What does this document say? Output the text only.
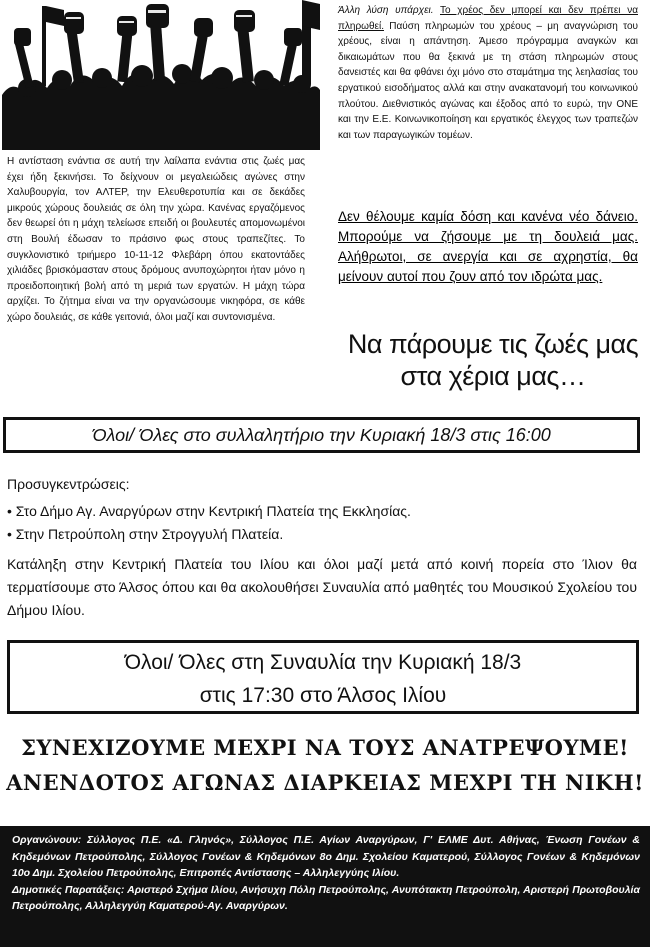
Η αντίσταση ενάντια σε αυτή την λαίλαπα ενάντια στις ζωές μας έχει ήδη ξεκινήσει. Το δείχνουν οι μεγαλειώδεις αγώνες στην Χαλυβουργία, τον ΑΛΤΕΡ, την Ελευθεροτυπία και σε δεκάδες μικρούς χώρους δουλειάς σε όλη την χώρα. Κανένας εργαζόμενος δεν θεωρεί ότι η μάχη τελείωσε επειδή οι βουλευτές απομονωμένοι στη Βουλή έδωσαν το πράσινο φως στους τραπεζίτες. Το συγκλονιστικό τριήμερο 10-11-12 Φλεβάρη όπου εκατοντάδες χιλιάδες βρισκόμασταν στους δρόμους ανυποχώρητοι ήταν μόνο η προειδοποιητική βολή από τη μεριά των εργατών. Η μάχη τώρα αρχίζει. Το ζήτημα είναι να την οργανώσουμε νικηφόρα, σε κάθε χώρο δουλειάς, σε κάθε γειτονιά, όλοι μαζί και συντονισμένα.

Άλλη λύση υπάρχει. Το χρέος δεν μπορεί και δεν πρέπει να πληρωθεί. Παύση πληρωμών του χρέους – μη αναγνώριση του χρέους, είναι η απάντηση. Άμεσο πρόγραμμα αναγκών και δικαιωμάτων που θα ξεκινά με τη στάση πληρωμών στους δανειστές και θα φθάνει όχι μόνο στο σταμάτημα της λεηλασίας του εργατικού εισοδήματος αλλά και στην ανακατανομή του κοινωνικού πλούτου. Διεθνιστικός αγώνας και έξοδος από το ευρώ, την ΟΝΕ και την Ε.Ε. Κοινωνικοποίηση και εργατικός έλεγχος των τραπεζών και των παραγωγικών τομέων.

Δεν θέλουμε καμία δόση και κανένα νέο δάνειο. Μπορούμε να ζήσουμε με τη δουλειά μας. Αλήθρωτοι, σε ανεργία και σε αχρηστία, θα μείνουν αυτοί που ζουν από τον ιδρώτα μας.

Να πάρουμε τις ζωές μας
στα χέρια μας…
Όλοι/ Όλες στο συλλαλητήριο την Κυριακή 18/3 στις 16:00

Προσυγκεντρώσεις:

• Στο Δήμο Αγ. Αναργύρων στην Κεντρική Πλατεία της Εκκλησίας.
• Στην Πετρούπολη στην Στρογγυλή Πλατεία.

Κατάληξη στην Κεντρική Πλατεία του Ιλίου και όλοι μαζί μετά από κοινή πορεία στο Ίλιον θα τερματίσουμε στο Άλσος όπου και θα ακολουθήσει Συναυλία από μαθητές του Μουσικού Σχολείου του Δήμου Ιλίου.

Όλοι/ Όλες στη Συναυλία την Κυριακή 18/3
στις 17:30 στο Άλσος Ιλίου
ΣΥΝΕΧΙΖΟΥΜΕ ΜΕΧΡΙ ΝΑ ΤΟΥΣ ΑΝΑΤΡΕΨΟΥΜΕ!
ΑΝΕΝΔΟΤΟΣ ΑΓΩΝΑΣ ΔΙΑΡΚΕΙΑΣ ΜΕΧΡΙ ΤΗ ΝΙΚΗ!

Οργανώνουν: Σύλλογος Π.Ε. «Δ. Γληνός», Σύλλογος Π.Ε. Αγίων Αναργύρων, Γ' ΕΛΜΕ Δυτ. Αθήνας, Ένωση Γονέων & Κηδεμόνων Πετρούπολης, Σύλλογος Γονέων & Κηδεμόνων 8ο Δημ. Σχολείου Καματερού, Σύλλογος Γονέων & Κηδεμόνων 10ο Δημ. Σχολείου Πετρούπολης, Επιτροπές Αντίστασης – Αλληλεγγύης Ιλίου.

Δημοτικές Παρατάξεις: Αριστερό Σχήμα Ιλίου, Ανήσυχη Πόλη Πετρούπολης, Ανυπότακτη Πετρούπολη, Αριστερή Πρωτοβουλία Πετρούπολης, Αλληλεγγύη Καματερού-Αγ. Αναργύρων.
